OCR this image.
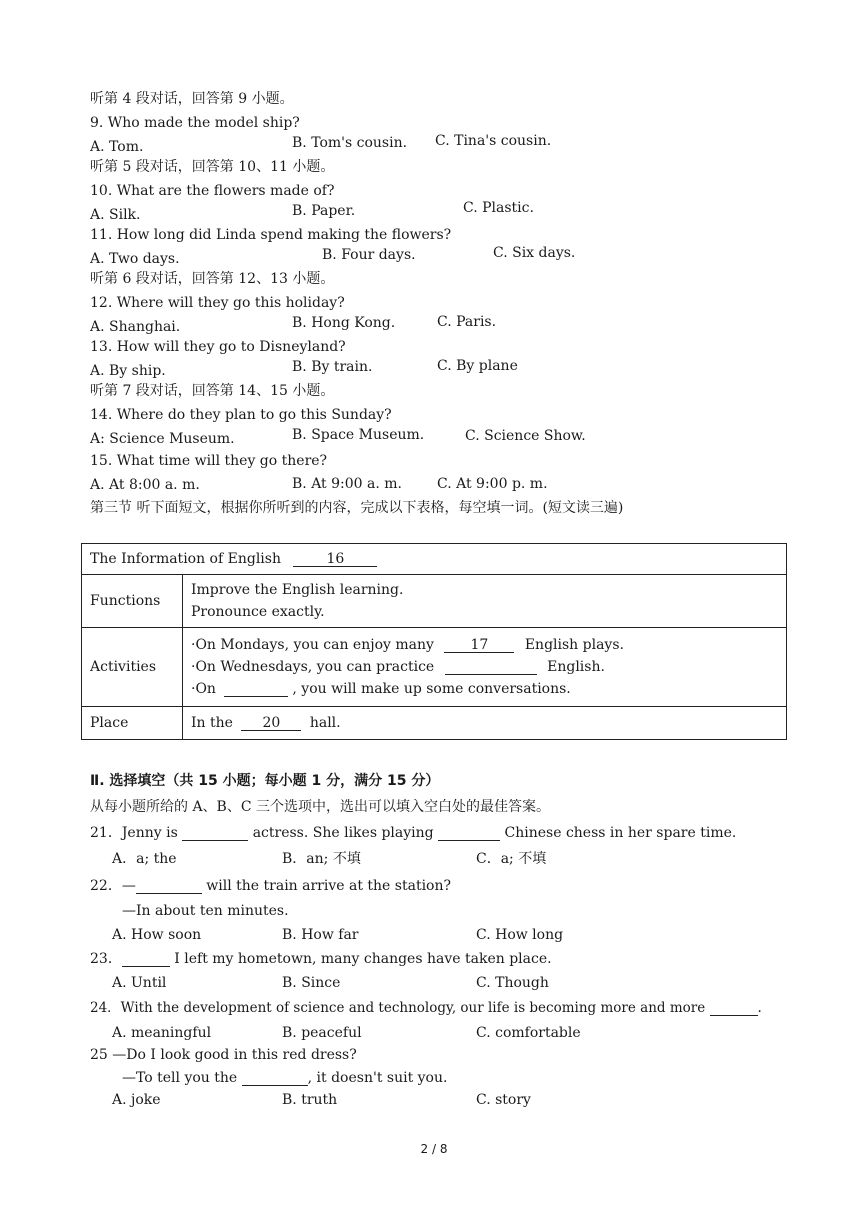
听第 4 段对话，回答第 9 小题。
9. Who made the model ship?
A. Tom.	B. Tom's cousin. C. Tina's cousin.
听第 5 段对话，回答第 10、11 小题。
10. What are the flowers made of?
A. Silk.	B. Paper.	C. Plastic.
11. How long did Linda spend making the flowers?
A. Two days.	B. Four days.	C. Six days.
听第 6 段对话，回答第 12、13 小题。
12. Where will they go this holiday?
A. Shanghai.	B. Hong Kong.	C. Paris.
13. How will they go to Disneyland?
A. By ship.	B. By train.	C. By plane
听第 7 段对话，回答第 14、15 小题。
14. Where do they plan to go this Sunday?
A: Science Museum.	B. Space Museum.	C. Science Show.
15. What time will they go there?
A. At 8:00 a. m.	B. At 9:00 a. m.	C. At 9:00 p. m.
第三节 听下面短文，根据你所听到的内容，完成以下表格，每空填一词。(短文读三遍)
The Information of English 16	
Functions	Improve the English learning.
Pronounce exactly.

Activities	·On Mondays, you can enjoy many 17 English plays.
·On Wednesdays, you can practice English.
·On , you will make up some conversations.

Place	In the 20 hall.
Ⅱ. 选择填空（共 15 小题；每小题 1 分，满分 15 分）
从每小题所给的 A、B、C 三个选项中，选出可以填入空白处的最佳答案。
21．Jenny is	actress. She likes playing	Chinese chess in her spare time.
A．a; the	B．an; 不填	C．a; 不填
22．—	will the train arrive at the station?
—In about ten minutes.
A. How soon	B. How far	C. How long
23．	I left my hometown, many changes have taken place.
A. Until	B. Since	C. Though
24．With the development of science and technology, our life is becoming more and more	.
A. meaningful	B. peaceful	C. comfortable
25 —Do I look good in this red dress?
—To tell you the	, it doesn't suit you.
A. joke	B. truth	C. story
2 / 8
